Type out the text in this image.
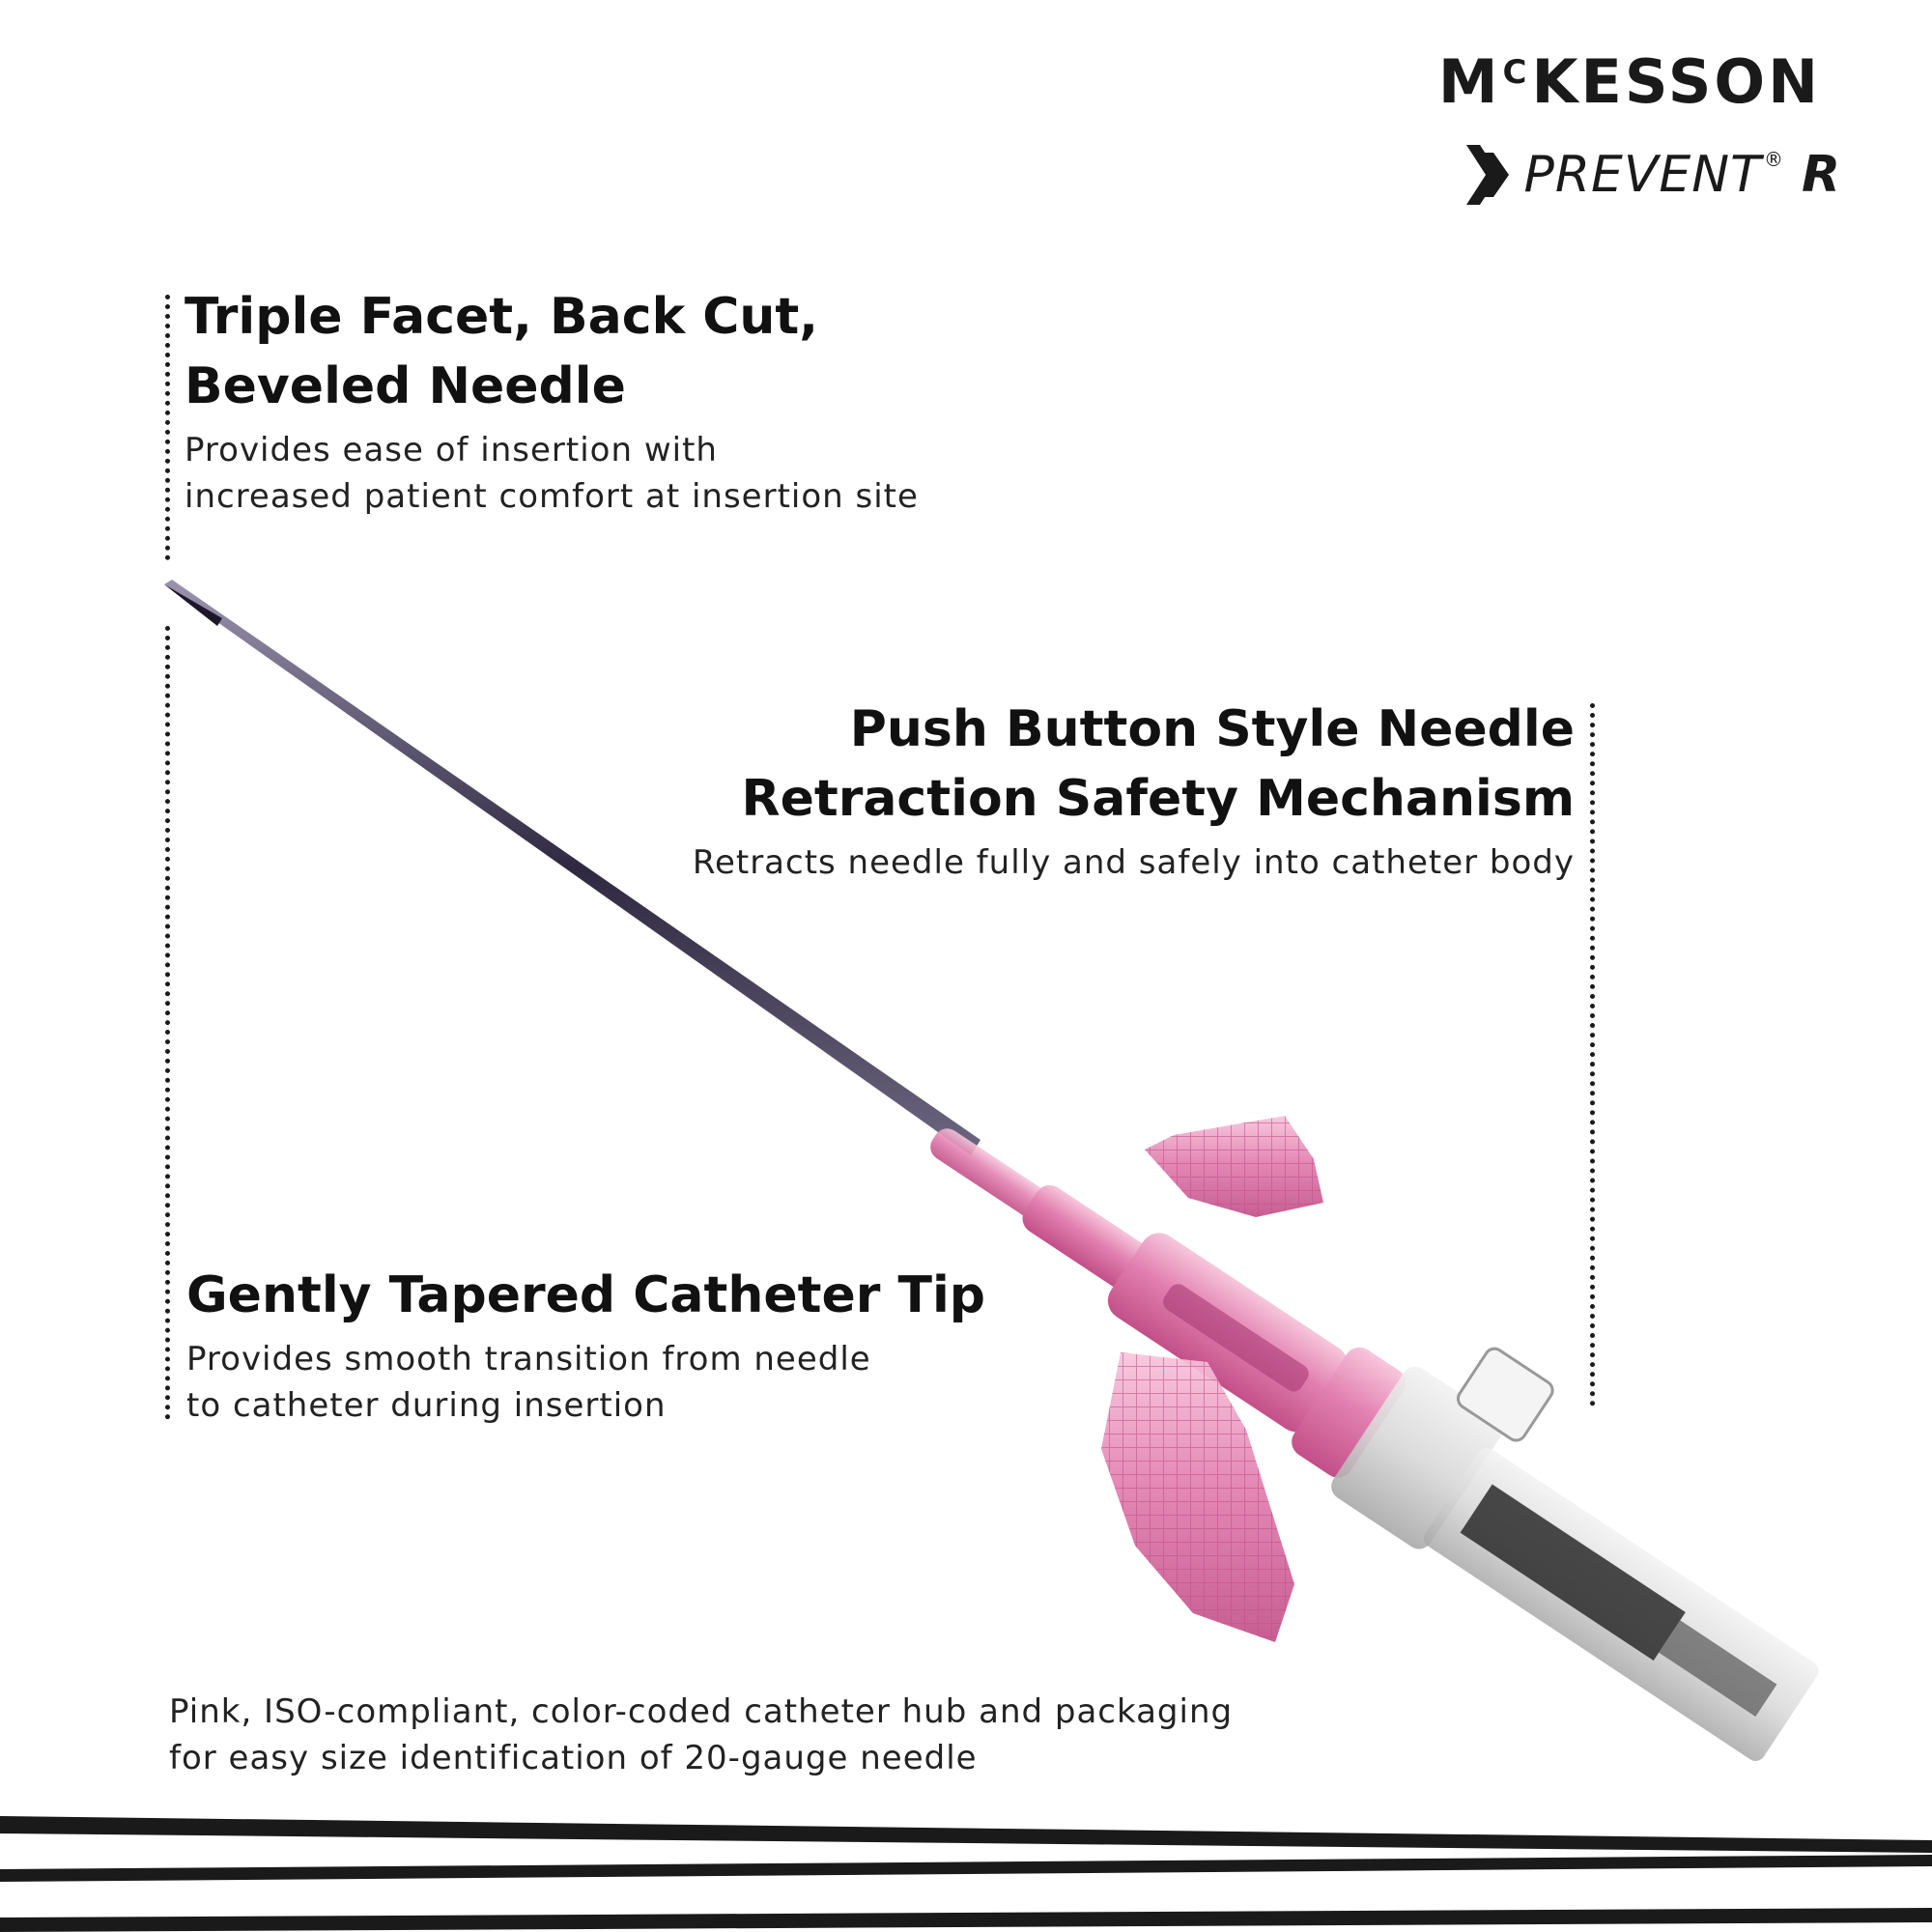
$M^CKESSON$
PREVENT ® R
Triple Facet, Back Cut,
Beveled Needle
Provides ease of insertion with
increased patient comfort at insertion site
Push Button Style Needle
Retraction Safety Mechanism
Retracts needle fully and safely into catheter body
Gently Tapered Catheter Tip
Provides smooth transition from needle
to catheter during insertion
Pink, ISO-compliant, color-coded catheter hub and packaging
for easy size identification of 20-gauge needle
